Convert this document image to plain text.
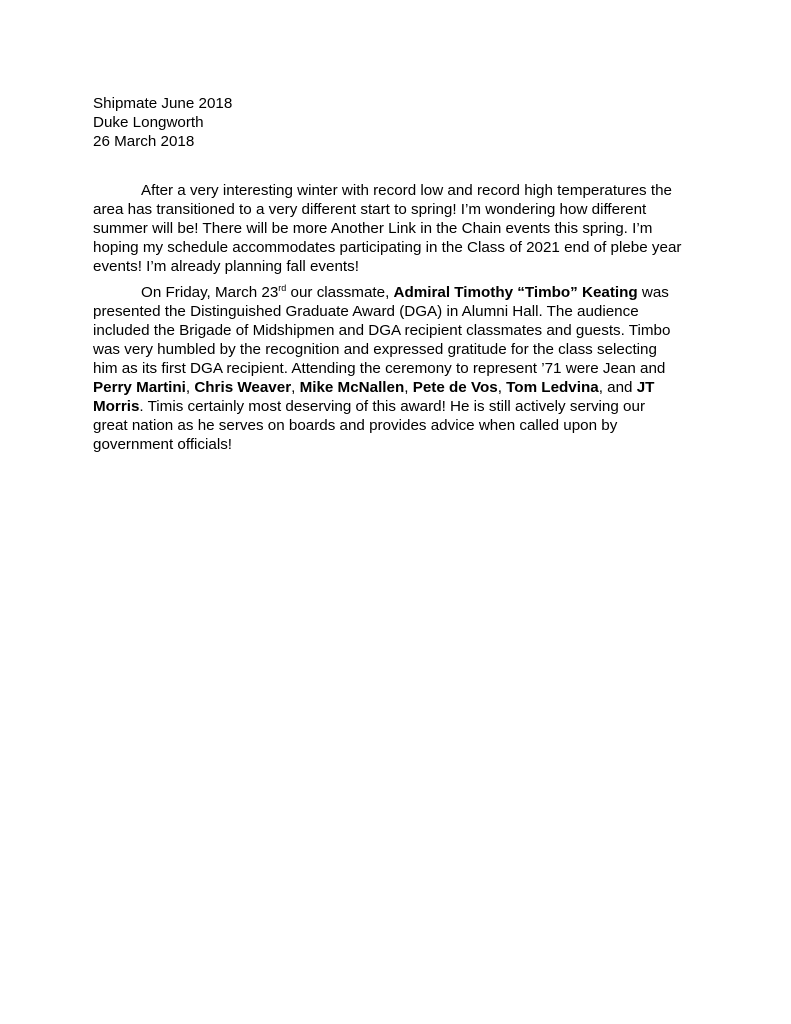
Shipmate June 2018
Duke Longworth
26 March 2018
After a very interesting winter with record low and record high temperatures the
area has transitioned to a very different start to spring! I’m wondering how different
summer will be! There will be more Another Link in the Chain events this spring. I’m
hoping my schedule accommodates participating in the Class of 2021 end of plebe year
events! I’m already planning fall events!
On Friday, March 23rd our classmate, Admiral Timothy “Timbo” Keating was
presented the Distinguished Graduate Award (DGA) in Alumni Hall. The audience
included the Brigade of Midshipmen and DGA recipient classmates and guests. Timbo
was very humbled by the recognition and expressed gratitude for the class selecting
him as its first DGA recipient. Attending the ceremony to represent ’71 were Jean and
Perry Martini, Chris Weaver, Mike McNallen, Pete de Vos, Tom Ledvina, and JT
Morris. Timis certainly most deserving of this award! He is still actively serving our
great nation as he serves on boards and provides advice when called upon by
government officials!
